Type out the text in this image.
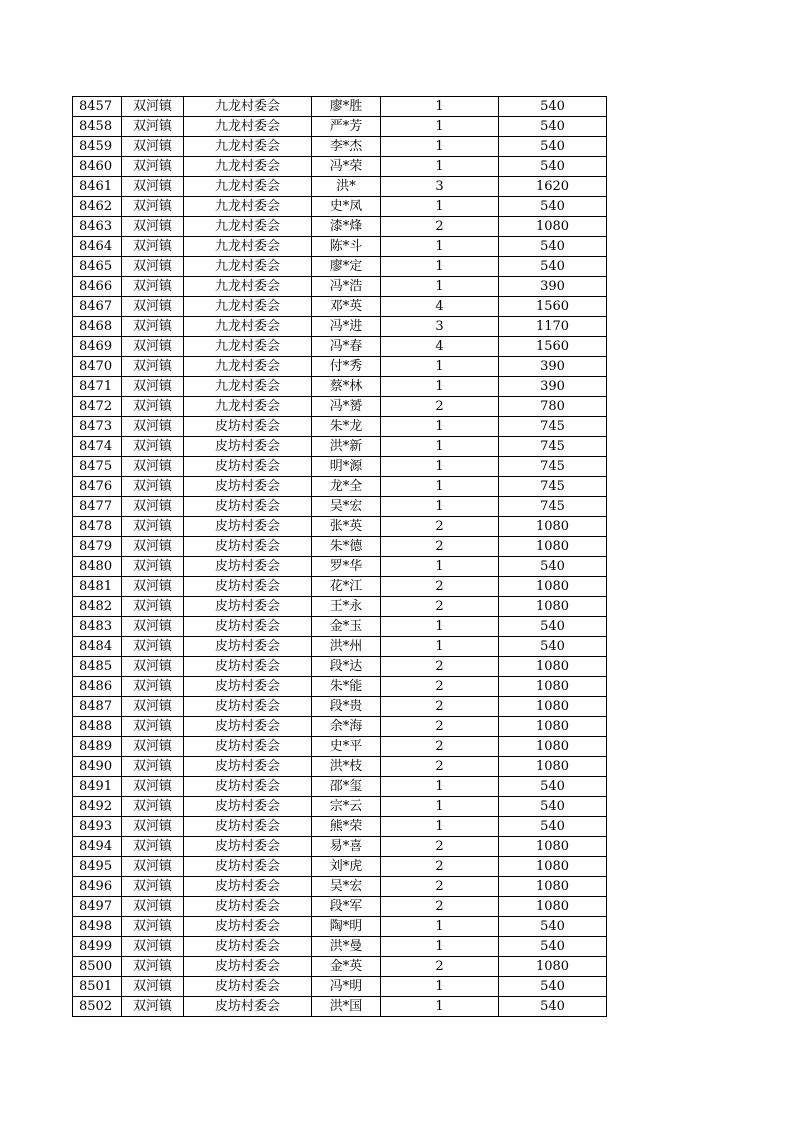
8457	双河镇	九龙村委会	廖*胜	1	540
8458	双河镇	九龙村委会	严*芳	1	540
8459	双河镇	九龙村委会	李*杰	1	540
8460	双河镇	九龙村委会	冯*荣	1	540
8461	双河镇	九龙村委会	洪*	3	1620
8462	双河镇	九龙村委会	史*凤	1	540
8463	双河镇	九龙村委会	漆*烽	2	1080
8464	双河镇	九龙村委会	陈*斗	1	540
8465	双河镇	九龙村委会	廖*定	1	540
8466	双河镇	九龙村委会	冯*浩	1	390
8467	双河镇	九龙村委会	邓*英	4	1560
8468	双河镇	九龙村委会	冯*进	3	1170
8469	双河镇	九龙村委会	冯*春	4	1560
8470	双河镇	九龙村委会	付*秀	1	390
8471	双河镇	九龙村委会	蔡*林	1	390
8472	双河镇	九龙村委会	冯*赟	2	780
8473	双河镇	皮坊村委会	朱*龙	1	745
8474	双河镇	皮坊村委会	洪*新	1	745
8475	双河镇	皮坊村委会	明*源	1	745
8476	双河镇	皮坊村委会	龙*全	1	745
8477	双河镇	皮坊村委会	吴*宏	1	745
8478	双河镇	皮坊村委会	张*英	2	1080
8479	双河镇	皮坊村委会	朱*德	2	1080
8480	双河镇	皮坊村委会	罗*华	1	540
8481	双河镇	皮坊村委会	花*江	2	1080
8482	双河镇	皮坊村委会	王*永	2	1080
8483	双河镇	皮坊村委会	金*玉	1	540
8484	双河镇	皮坊村委会	洪*州	1	540
8485	双河镇	皮坊村委会	段*达	2	1080
8486	双河镇	皮坊村委会	朱*能	2	1080
8487	双河镇	皮坊村委会	段*贵	2	1080
8488	双河镇	皮坊村委会	余*海	2	1080
8489	双河镇	皮坊村委会	史*平	2	1080
8490	双河镇	皮坊村委会	洪*枝	2	1080
8491	双河镇	皮坊村委会	邵*玺	1	540
8492	双河镇	皮坊村委会	宗*云	1	540
8493	双河镇	皮坊村委会	熊*荣	1	540
8494	双河镇	皮坊村委会	易*喜	2	1080
8495	双河镇	皮坊村委会	刘*虎	2	1080
8496	双河镇	皮坊村委会	吴*宏	2	1080
8497	双河镇	皮坊村委会	段*军	2	1080
8498	双河镇	皮坊村委会	陶*明	1	540
8499	双河镇	皮坊村委会	洪*曼	1	540
8500	双河镇	皮坊村委会	金*英	2	1080
8501	双河镇	皮坊村委会	冯*明	1	540
8502	双河镇	皮坊村委会	洪*国	1	540
